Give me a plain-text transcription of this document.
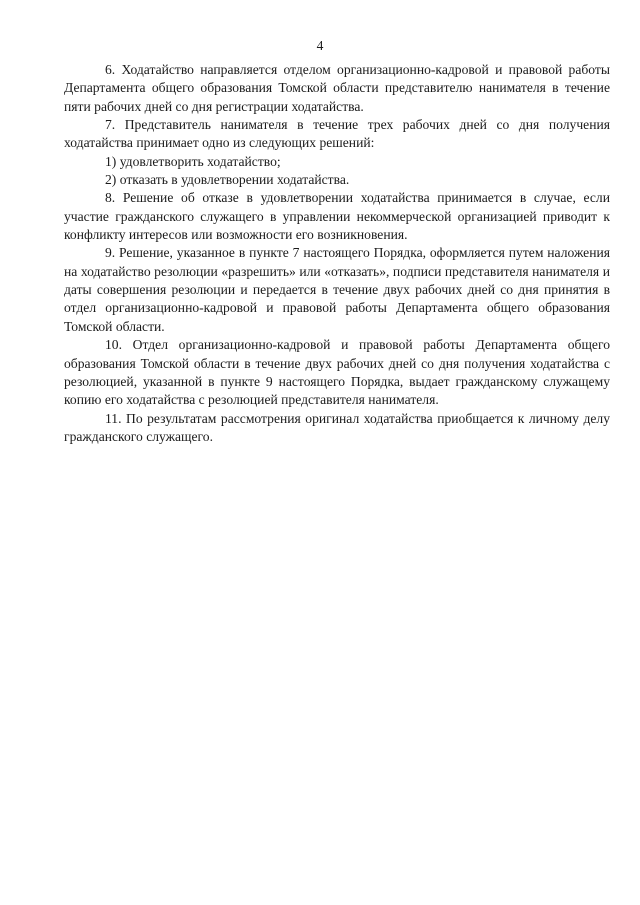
4

6. Ходатайство направляется отделом организационно-кадровой и правовой работы Департамента общего образования Томской области представителю нанимателя в течение пяти рабочих дней со дня регистрации ходатайства.

7. Представитель нанимателя в течение трех рабочих дней со дня получения ходатайства принимает одно из следующих решений:

1) удовлетворить ходатайство;

2) отказать в удовлетворении ходатайства.

8. Решение об отказе в удовлетворении ходатайства принимается в случае, если участие гражданского служащего в управлении некоммерческой организацией приводит к конфликту интересов или возможности его возникновения.

9. Решение, указанное в пункте 7 настоящего Порядка, оформляется путем наложения на ходатайство резолюции «разрешить» или «отказать», подписи представителя нанимателя и даты совершения резолюции и передается в течение двух рабочих дней со дня принятия в отдел организационно-кадровой и правовой работы Департамента общего образования Томской области.

10. Отдел организационно-кадровой и правовой работы Департамента общего образования Томской области в течение двух рабочих дней со дня получения ходатайства с резолюцией, указанной в пункте 9 настоящего Порядка, выдает гражданскому служащему копию его ходатайства с резолюцией представителя нанимателя.

11. По результатам рассмотрения оригинал ходатайства приобщается к личному делу гражданского служащего.
